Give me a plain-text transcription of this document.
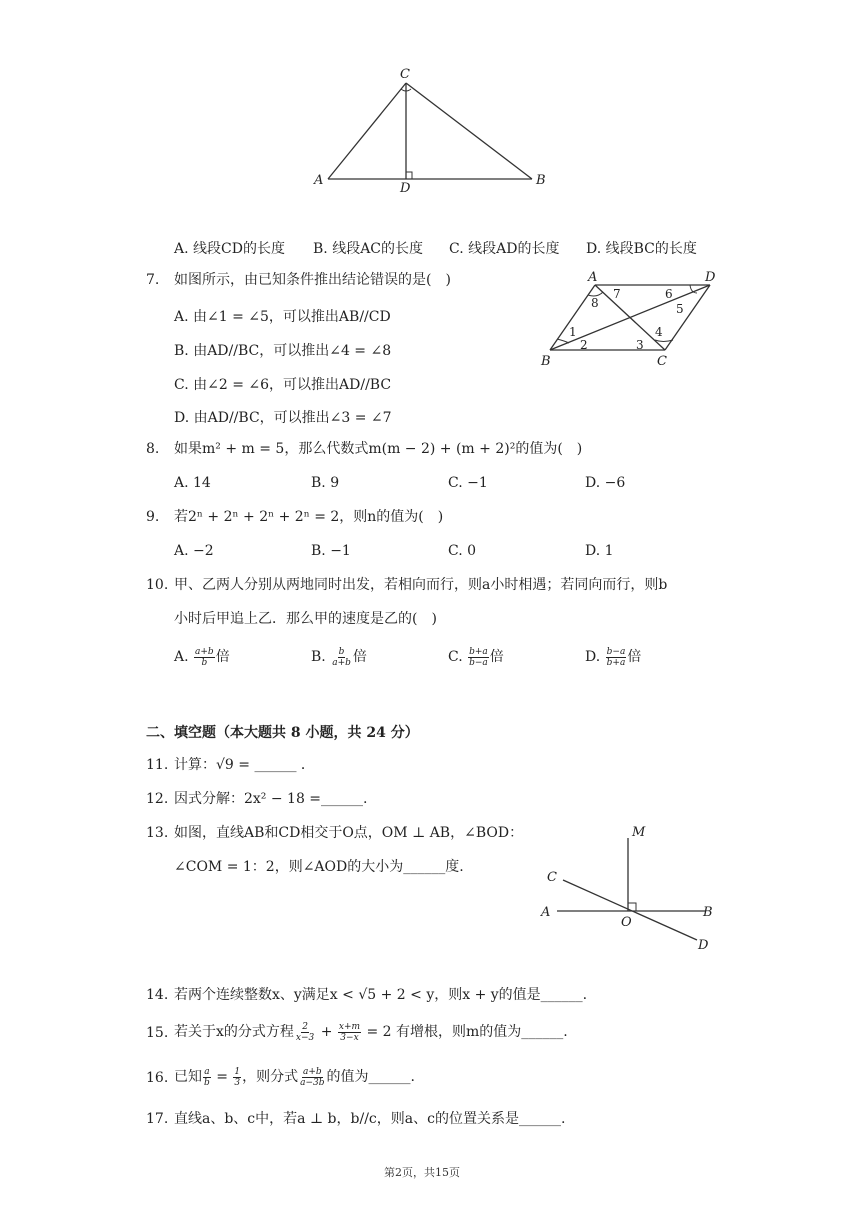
A	B
C
D
A. 线段CD的长度 B. 线段AC的长度 C. 线段AD的长度 D. 线段BC的长度
7. 如图所示，由已知条件推出结论错误的是(　)
A. 由∠1 = ∠5，可以推出AB//CD
B. 由AD//BC，可以推出∠4 = ∠8
C. 由∠2 = ∠6，可以推出AD//BC
D. 由AD//BC，可以推出∠3 = ∠7
A	D
B	C
8
7	6
5
1
2	3
4
8. 如果m² + m = 5，那么代数式m(m − 2) + (m + 2)²的值为(　)
A. 14	B. 9	C. −1	D. −6
9. 若2ⁿ + 2ⁿ + 2ⁿ + 2ⁿ = 2，则n的值为(　)
A. −2	B. −1	C. 0	D. 1
10. 甲、乙两人分别从两地同时出发，若相向而行，则a小时相遇；若同向而行，则b
小时后甲追上乙．那么甲的速度是乙的(　)
A. $\frac{a+b}{b}$ 倍	B. $\frac{b}{a+b}$ 倍	C. $\frac{b+a}{b-a}$ 倍	D. $\frac{b-a}{b+a}$ 倍
二、填空题（本大题共 8 小题，共 24 分）
11. 计算：√9 = ______ ．
12. 因式分解：2x² − 18 =______.
13. 如图，直线AB和CD相交于O点，OM ⊥ AB，∠BOD：
∠COM = 1：2，则∠AOD的大小为______度.
M
C
A
O
B
D
14. 若两个连续整数x、y满足x < √5 + 2 < y，则x + y的值是______.
15. 若关于x的分式方程 $\frac{2}{x-3} + \frac{x+m}{3-x} = 2$ 有增根，则m的值为______.
16. 已知 $\frac{a}{b} = \frac{1}{3}$ ，则分式 $\frac{a+b}{a-3b}$ 的值为______.
17. 直线a、b、c中，若a ⊥ b，b//c，则a、c的位置关系是______.
第2页，共15页
